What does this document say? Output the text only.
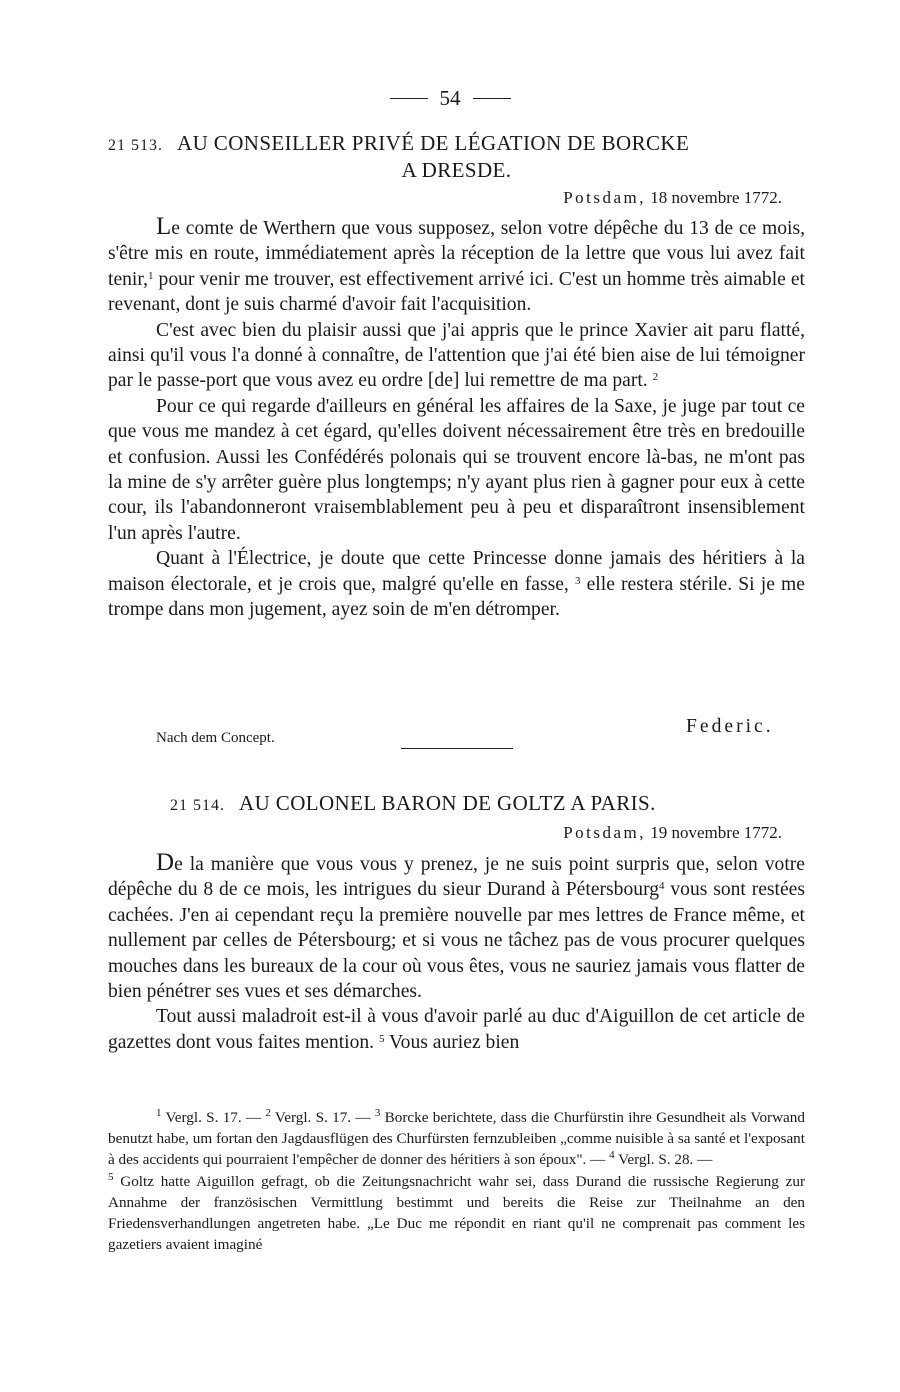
54
21 513. AU CONSEILLER PRIVÉ DE LÉGATION DE BORCKE
A DRESDE.
Potsdam, 18 novembre 1772.

Le comte de Werthern que vous supposez, selon votre dépêche du 13 de ce mois, s'être mis en route, immédiatement après la réception de la lettre que vous lui avez fait tenir,$^1$ pour venir me trouver, est effectivement arrivé ici. C'est un homme très aimable et revenant, dont je suis charmé d'avoir fait l'acquisition.

C'est avec bien du plaisir aussi que j'ai appris que le prince Xavier ait paru flatté, ainsi qu'il vous l'a donné à connaître, de l'attention que j'ai été bien aise de lui témoigner par le passe-port que vous avez eu ordre [de] lui remettre de ma part. $^2$

Pour ce qui regarde d'ailleurs en général les affaires de la Saxe, je juge par tout ce que vous me mandez à cet égard, qu'elles doivent nécessairement être très en bredouille et confusion. Aussi les Confédérés polonais qui se trouvent encore là-bas, ne m'ont pas la mine de s'y arrêter guère plus longtemps; n'y ayant plus rien à gagner pour eux à cette cour, ils l'abandonneront vraisemblablement peu à peu et disparaîtront insensiblement l'un après l'autre.

Quant à l'Électrice, je doute que cette Princesse donne jamais des héritiers à la maison électorale, et je crois que, malgré qu'elle en fasse, $^3$ elle restera stérile. Si je me trompe dans mon jugement, ayez soin de m'en détromper.

Federic.
Nach dem Concept.
21 514. AU COLONEL BARON DE GOLTZ A PARIS.
Potsdam, 19 novembre 1772.

De la manière que vous vous y prenez, je ne suis point surpris que, selon votre dépêche du 8 de ce mois, les intrigues du sieur Durand à Pétersbourg$^4$ vous sont restées cachées. J'en ai cependant reçu la première nouvelle par mes lettres de France même, et nullement par celles de Pétersbourg; et si vous ne tâchez pas de vous procurer quelques mouches dans les bureaux de la cour où vous êtes, vous ne sauriez jamais vous flatter de bien pénétrer ses vues et ses démarches.

Tout aussi maladroit est-il à vous d'avoir parlé au duc d'Aiguillon de cet article de gazettes dont vous faites mention. $^5$ Vous auriez bien

$^1$ Vergl. S. 17. — $^2$ Vergl. S. 17. — $^3$ Borcke berichtete, dass die Churfürstin ihre Gesundheit als Vorwand benutzt habe, um fortan den Jagdausflügen des Churfürsten fernzubleiben „comme nuisible à sa santé et l'exposant à des accidents qui pourraient l'empêcher de donner des héritiers à son époux". — $^4$ Vergl. S. 28. —
$^5$ Goltz hatte Aiguillon gefragt, ob die Zeitungsnachricht wahr sei, dass Durand die russische Regierung zur Annahme der französischen Vermittlung bestimmt und bereits die Reise zur Theilnahme an den Friedensverhandlungen angetreten habe. „Le Duc me répondit en riant qu'il ne comprenait pas comment les gazetiers avaient imaginé
